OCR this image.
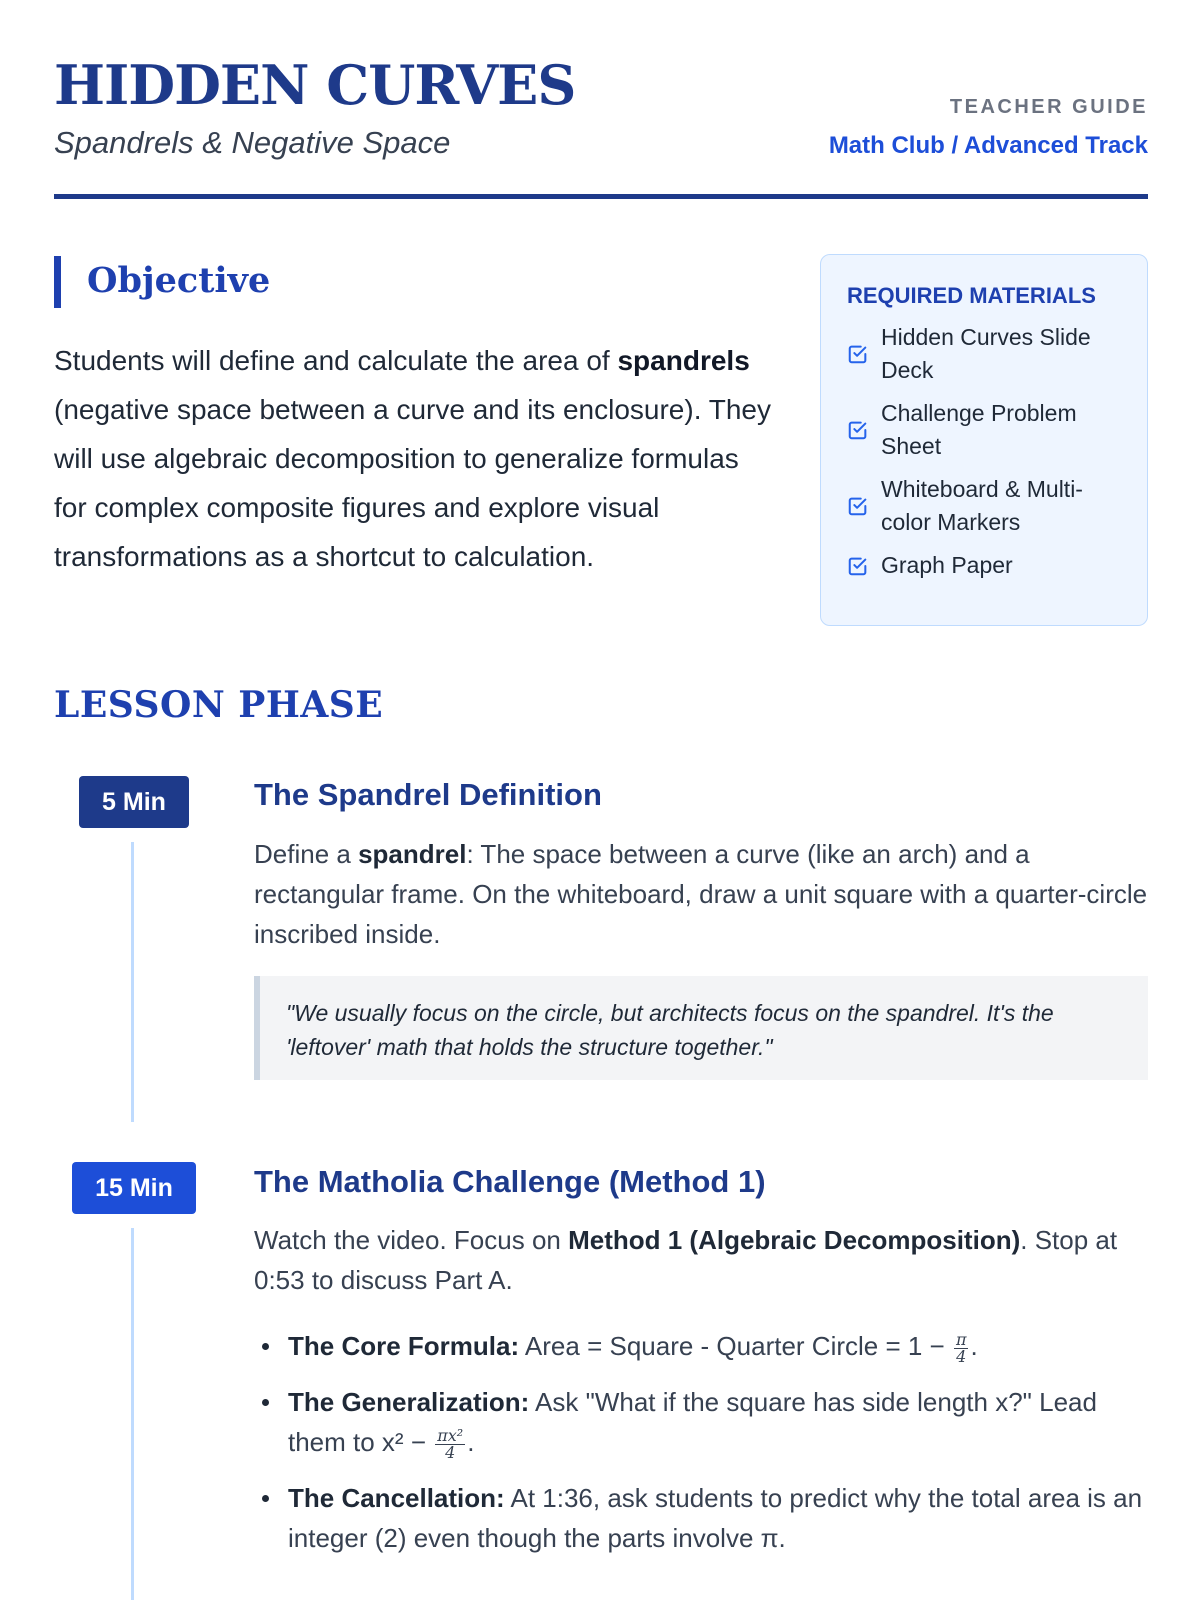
HIDDEN CURVES
Spandrels & Negative Space
TEACHER GUIDE
Math Club / Advanced Track
Objective
Students will define and calculate the area of spandrels (negative space between a curve and its enclosure). They will use algebraic decomposition to generalize formulas for complex composite figures and explore visual transformations as a shortcut to calculation.
REQUIRED MATERIALS
Hidden Curves Slide Deck
Challenge Problem Sheet
Whiteboard & Multi-color Markers
Graph Paper
LESSON PHASE
5 Min	The Spandrel Definition
Define a spandrel: The space between a curve (like an arch) and a rectangular frame. On the whiteboard, draw a unit square with a quarter-circle inscribed inside.
"We usually focus on the circle, but architects focus on the spandrel. It's the 'leftover' math that holds the structure together."
15 Min	The Matholia Challenge (Method 1)
Watch the video. Focus on Method 1 (Algebraic Decomposition). Stop at 0:53 to discuss Part A.
The Core Formula: Area = Square - Quarter Circle = $1 - \frac{\pi}{4}$ .
The Generalization: Ask "What if the square has side length x?" Lead them to $x^2 - \frac{\text{πx²}}{4}$ .
The Cancellation: At 1:36, ask students to predict why the total area is an integer (2) even though the parts involve π.
